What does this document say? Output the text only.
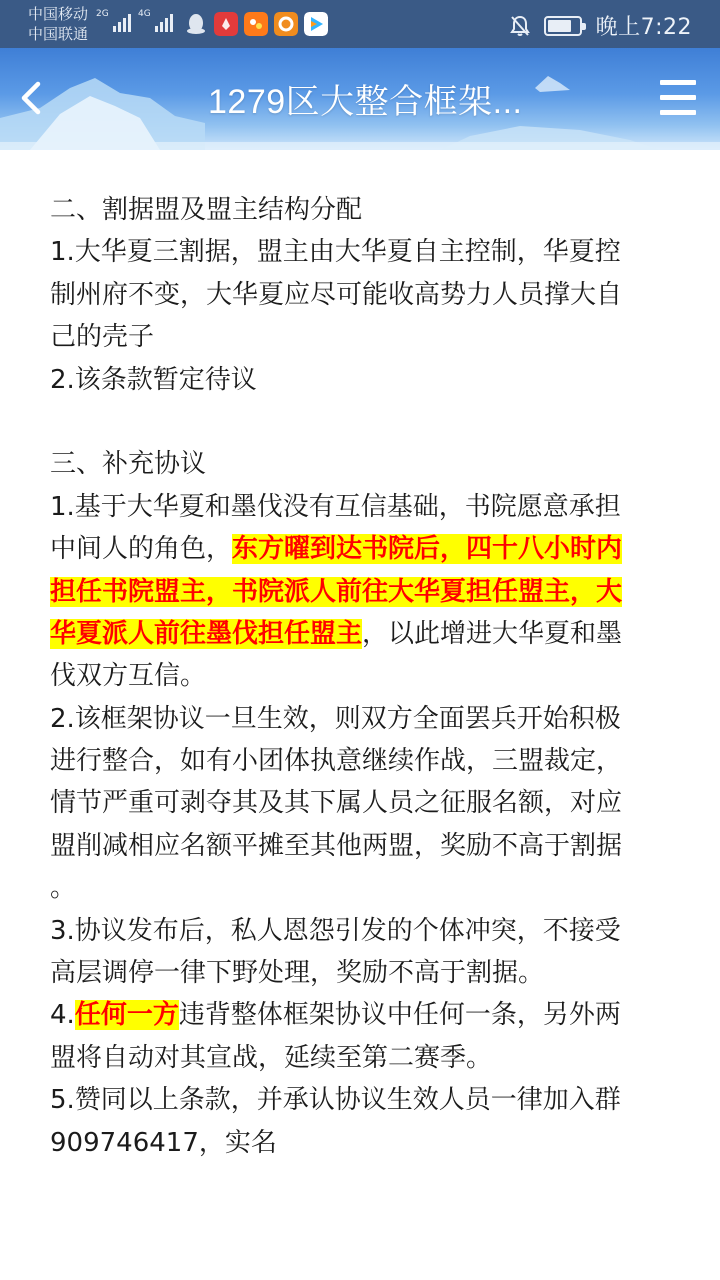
中国移动
中国联通
2G	4G
晚上7:22
1279区大整合框架...
二、割据盟及盟主结构分配
1.大华夏三割据，盟主由大华夏自主控制，华夏控
制州府不变，大华夏应尽可能收高势力人员撑大自
己的壳子
2.该条款暂定待议
三、补充协议
1.基于大华夏和墨伐没有互信基础，书院愿意承担
中间人的角色，东方曜到达书院后，四十八小时内
担任书院盟主，书院派人前往大华夏担任盟主，大
华夏派人前往墨伐担任盟主，以此增进大华夏和墨
伐双方互信。
2.该框架协议一旦生效，则双方全面罢兵开始积极
进行整合，如有小团体执意继续作战，三盟裁定，
情节严重可剥夺其及其下属人员之征服名额，对应
盟削减相应名额平摊至其他两盟，奖励不高于割据
。
3.协议发布后，私人恩怨引发的个体冲突，不接受
高层调停一律下野处理，奖励不高于割据。
4.任何一方违背整体框架协议中任何一条，另外两
盟将自动对其宣战，延续至第二赛季。
5.赞同以上条款，并承认协议生效人员一律加入群
909746417，实名
